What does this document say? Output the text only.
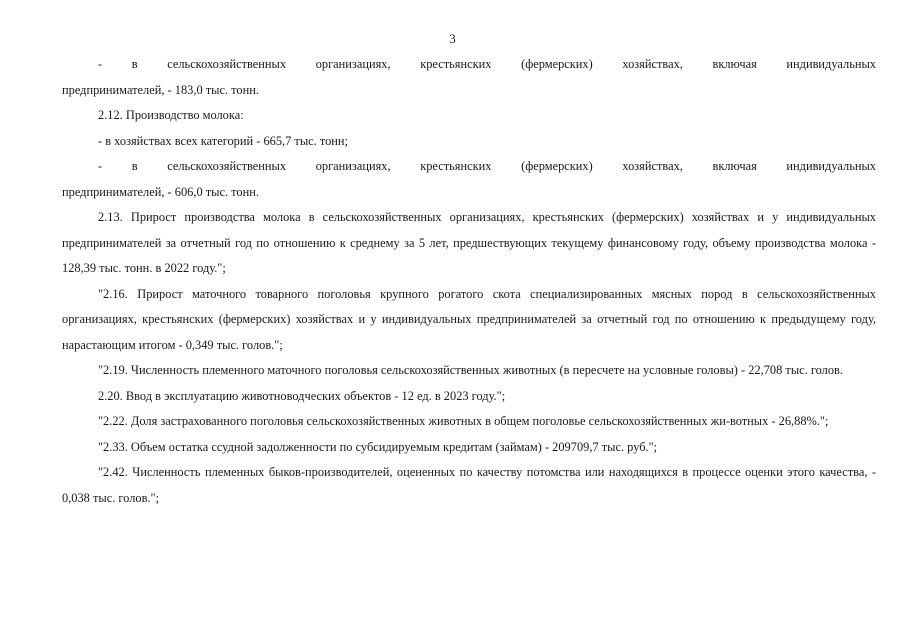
3

- в сельскохозяйственных организациях, крестьянских (фермерских) хозяйствах, включая индивидуальных
предпринимателей, - 183,0 тыс. тонн.

2.12. Производство молока:

- в хозяйствах всех категорий - 665,7 тыс. тонн;

- в сельскохозяйственных организациях, крестьянских (фермерских) хозяйствах, включая индивидуальных
предпринимателей, - 606,0 тыс. тонн.

2.13. Прирост производства молока в сельскохозяйственных организациях, крестьянских (фермерских) хозяйствах и у индивидуальных предпринимателей за отчетный год по отношению к среднему за 5 лет, предшествующих текущему финансовому году, объему производства молока - 128,39 тыс. тонн. в 2022 году.";

"2.16. Прирост маточного товарного поголовья крупного рогатого скота специализированных мясных пород в сельскохозяйственных организациях, крестьянских (фермерских) хозяйствах и у индивидуальных предпринимателей за отчетный год по отношению к предыдущему году, нарастающим итогом - 0,349 тыс. голов.";

"2.19. Численность племенного маточного поголовья сельскохозяйственных животных (в пересчете на условные головы) - 22,708 тыс. голов.

2.20. Ввод в эксплуатацию животноводческих объектов - 12 ед. в 2023 году.";

"2.22. Доля застрахованного поголовья сельскохозяйственных животных в общем поголовье сельскохозяйственных жи-вотных - 26,88%.";

"2.33. Объем остатка ссудной задолженности по субсидируемым кредитам (займам) - 209709,7 тыс. руб.";

"2.42. Численность племенных быков-производителей, оцененных по качеству потомства или находящихся в процессе оценки этого качества, - 0,038 тыс. голов.";
